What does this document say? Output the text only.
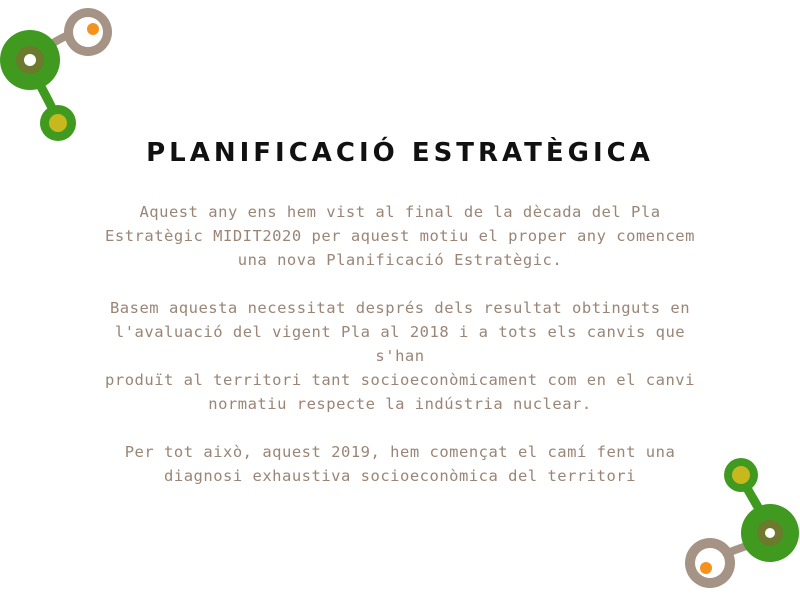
PLANIFICACIÓ ESTRATÈGICA

Aquest any ens hem vist al final de la dècada del Pla
Estratègic MIDIT2020 per aquest motiu el proper any comencem
una nova Planificació Estratègic.

Basem aquesta necessitat després dels resultat obtinguts en
l'avaluació del vigent Pla al 2018 i a tots els canvis que s'han
produït al territori tant socioeconòmicament com en el canvi
normatiu respecte la indústria nuclear.

Per tot això, aquest 2019, hem començat el camí fent una
diagnosi exhaustiva socioeconòmica del territori
